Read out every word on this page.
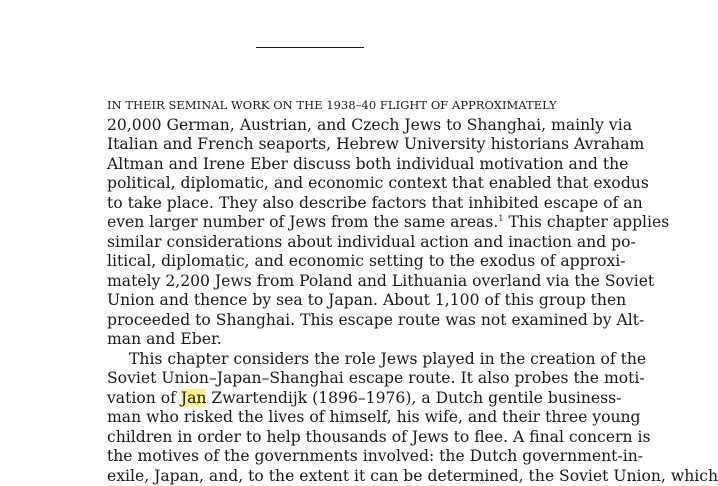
IN THEIR SEMINAL WORK ON THE 1938–40 FLIGHT OF APPROXIMATELY
20,000 German, Austrian, and Czech Jews to Shanghai, mainly via
Italian and French seaports, Hebrew University historians Avraham
Altman and Irene Eber discuss both individual motivation and the
political, diplomatic, and economic context that enabled that exodus
to take place. They also describe factors that inhibited escape of an
even larger number of Jews from the same areas.$^1$ This chapter applies
similar considerations about individual action and inaction and po-
litical, diplomatic, and economic setting to the exodus of approxi-
mately 2,200 Jews from Poland and Lithuania overland via the Soviet
Union and thence by sea to Japan. About 1,100 of this group then
proceeded to Shanghai. This escape route was not examined by Alt-
man and Eber.
This chapter considers the role Jews played in the creation of the
Soviet Union–Japan–Shanghai escape route. It also probes the moti-
vation of Jan Zwartendijk (1896–1976), a Dutch gentile business-
man who risked the lives of himself, his wife, and their three young
children in order to help thousands of Jews to flee. A final concern is
the motives of the governments involved: the Dutch government-in-
exile, Japan, and, to the extent it can be determined, the Soviet Union, which
